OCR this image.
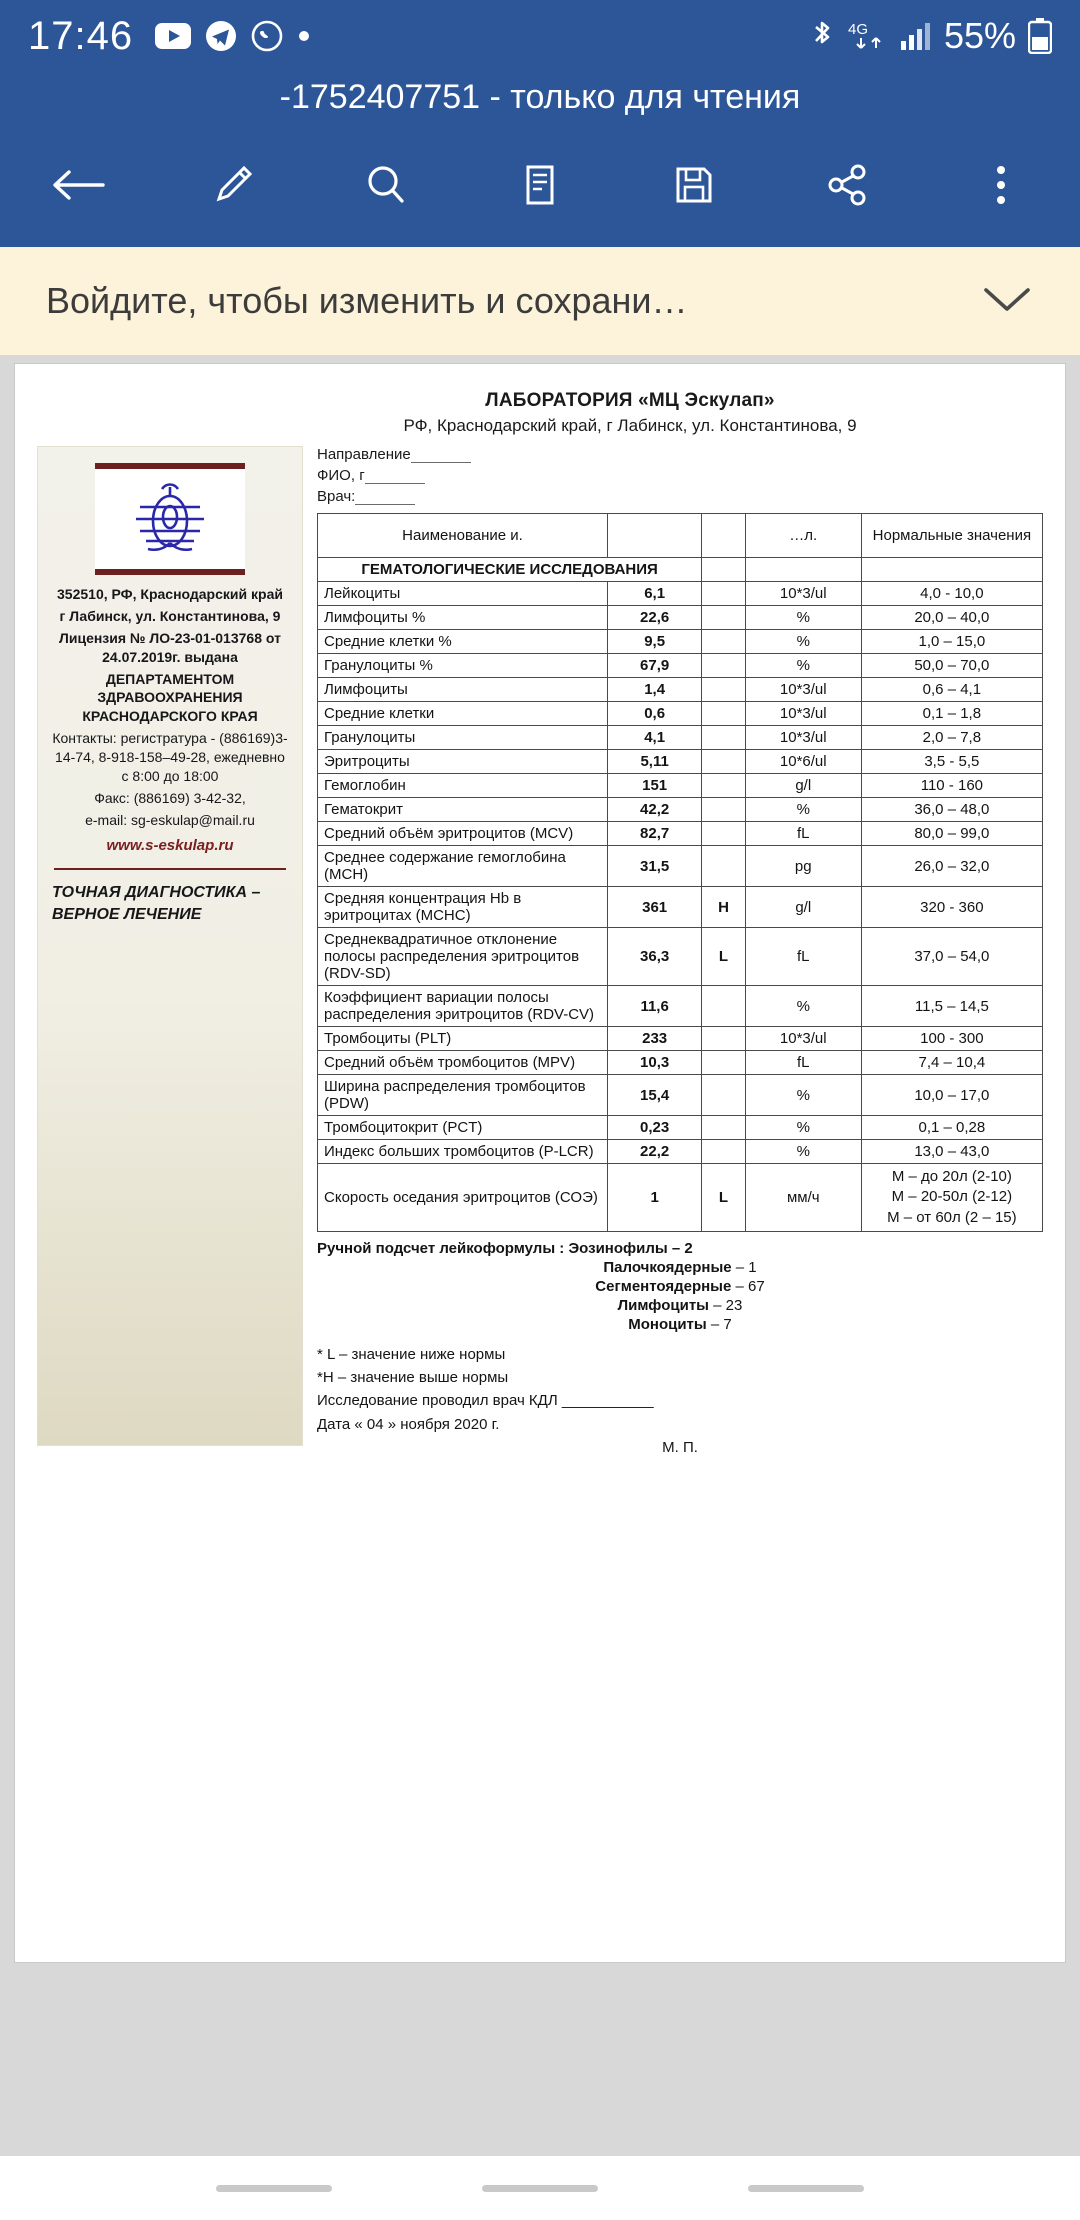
17:46	4G 55%
-1752407751 - только для чтения
Войдите, чтобы изменить и сохрани…
ЛАБОРАТОРИЯ «МЦ Эскулап»
РФ, Краснодарский край, г Лабинск, ул. Константинова, 9

352510, РФ, Краснодарский край

г Лабинск, ул. Константинова, 9

Лицензия № ЛО-23-01-013768 от 24.07.2019г. выдана

ДЕПАРТАМЕНТОМ ЗДРАВООХРАНЕНИЯ КРАСНОДАРСКОГО КРАЯ

Контакты: регистратура - (886169)3-14-74, 8-918-158–49-28, ежедневно с 8:00 до 18:00

Факс: (886169) 3-42-32,

e-mail: sg-eskulap@mail.ru

www.s-eskulap.ru

ТОЧНАЯ ДИАГНОСТИКА – ВЕРНОЕ ЛЕЧЕНИЕ
Направление
ФИО, г
Врач:
Наименование и.			…л.	Нормальные значения
ГЕМАТОЛОГИЧЕСКИЕ ИССЛЕДОВАНИЯ				
Лейкоциты	6,1		10*3/ul	4,0 - 10,0
Лимфоциты %	22,6		%	20,0 – 40,0
Средние клетки %	9,5		%	1,0 – 15,0
Гранулоциты %	67,9		%	50,0 – 70,0
Лимфоциты	1,4		10*3/ul	0,6 – 4,1
Средние клетки	0,6		10*3/ul	0,1 – 1,8
Гранулоциты	4,1		10*3/ul	2,0 – 7,8
Эритроциты	5,11		10*6/ul	3,5 - 5,5
Гемоглобин	151		g/l	110 - 160
Гематокрит	42,2		%	36,0 – 48,0
Средний объём эритроцитов (MCV)	82,7		fL	80,0 – 99,0
Среднее содержание гемоглобина (MCH)	31,5		pg	26,0 – 32,0
Средняя концентрация Hb в эритроцитах (MCHC)	361	H	g/l	320 - 360
Среднеквадратичное отклонение полосы распределения эритроцитов (RDV-SD)	36,3	L	fL	37,0 – 54,0
Коэффициент вариации полосы распределения эритроцитов (RDV-CV)	11,6		%	11,5 – 14,5
Тромбоциты (PLT)	233		10*3/ul	100 - 300
Средний объём тромбоцитов (MPV)	10,3		fL	7,4 – 10,4
Ширина распределения тромбоцитов (PDW)	15,4		%	10,0 – 17,0
Тромбоцитокрит (PCT)	0,23		%	0,1 – 0,28
Индекс больших тромбоцитов (P-LCR)	22,2		%	13,0 – 43,0
Скорость оседания эритроцитов (СОЭ)	1	L	мм/ч	М – до 20л (2-10)
М – 20-50л (2-12)
М – от 60л (2 – 15)
Ручной подсчет лейкоформулы : Эозинофилы – 2
Палочкоядерные – 1
Сегментоядерные – 67
Лимфоциты – 23
Моноциты – 7
* L – значение ниже нормы
*H – значение выше нормы
Исследование проводил врач КДЛ ___________
Дата « 04 » ноября 2020 г.
М. П.
